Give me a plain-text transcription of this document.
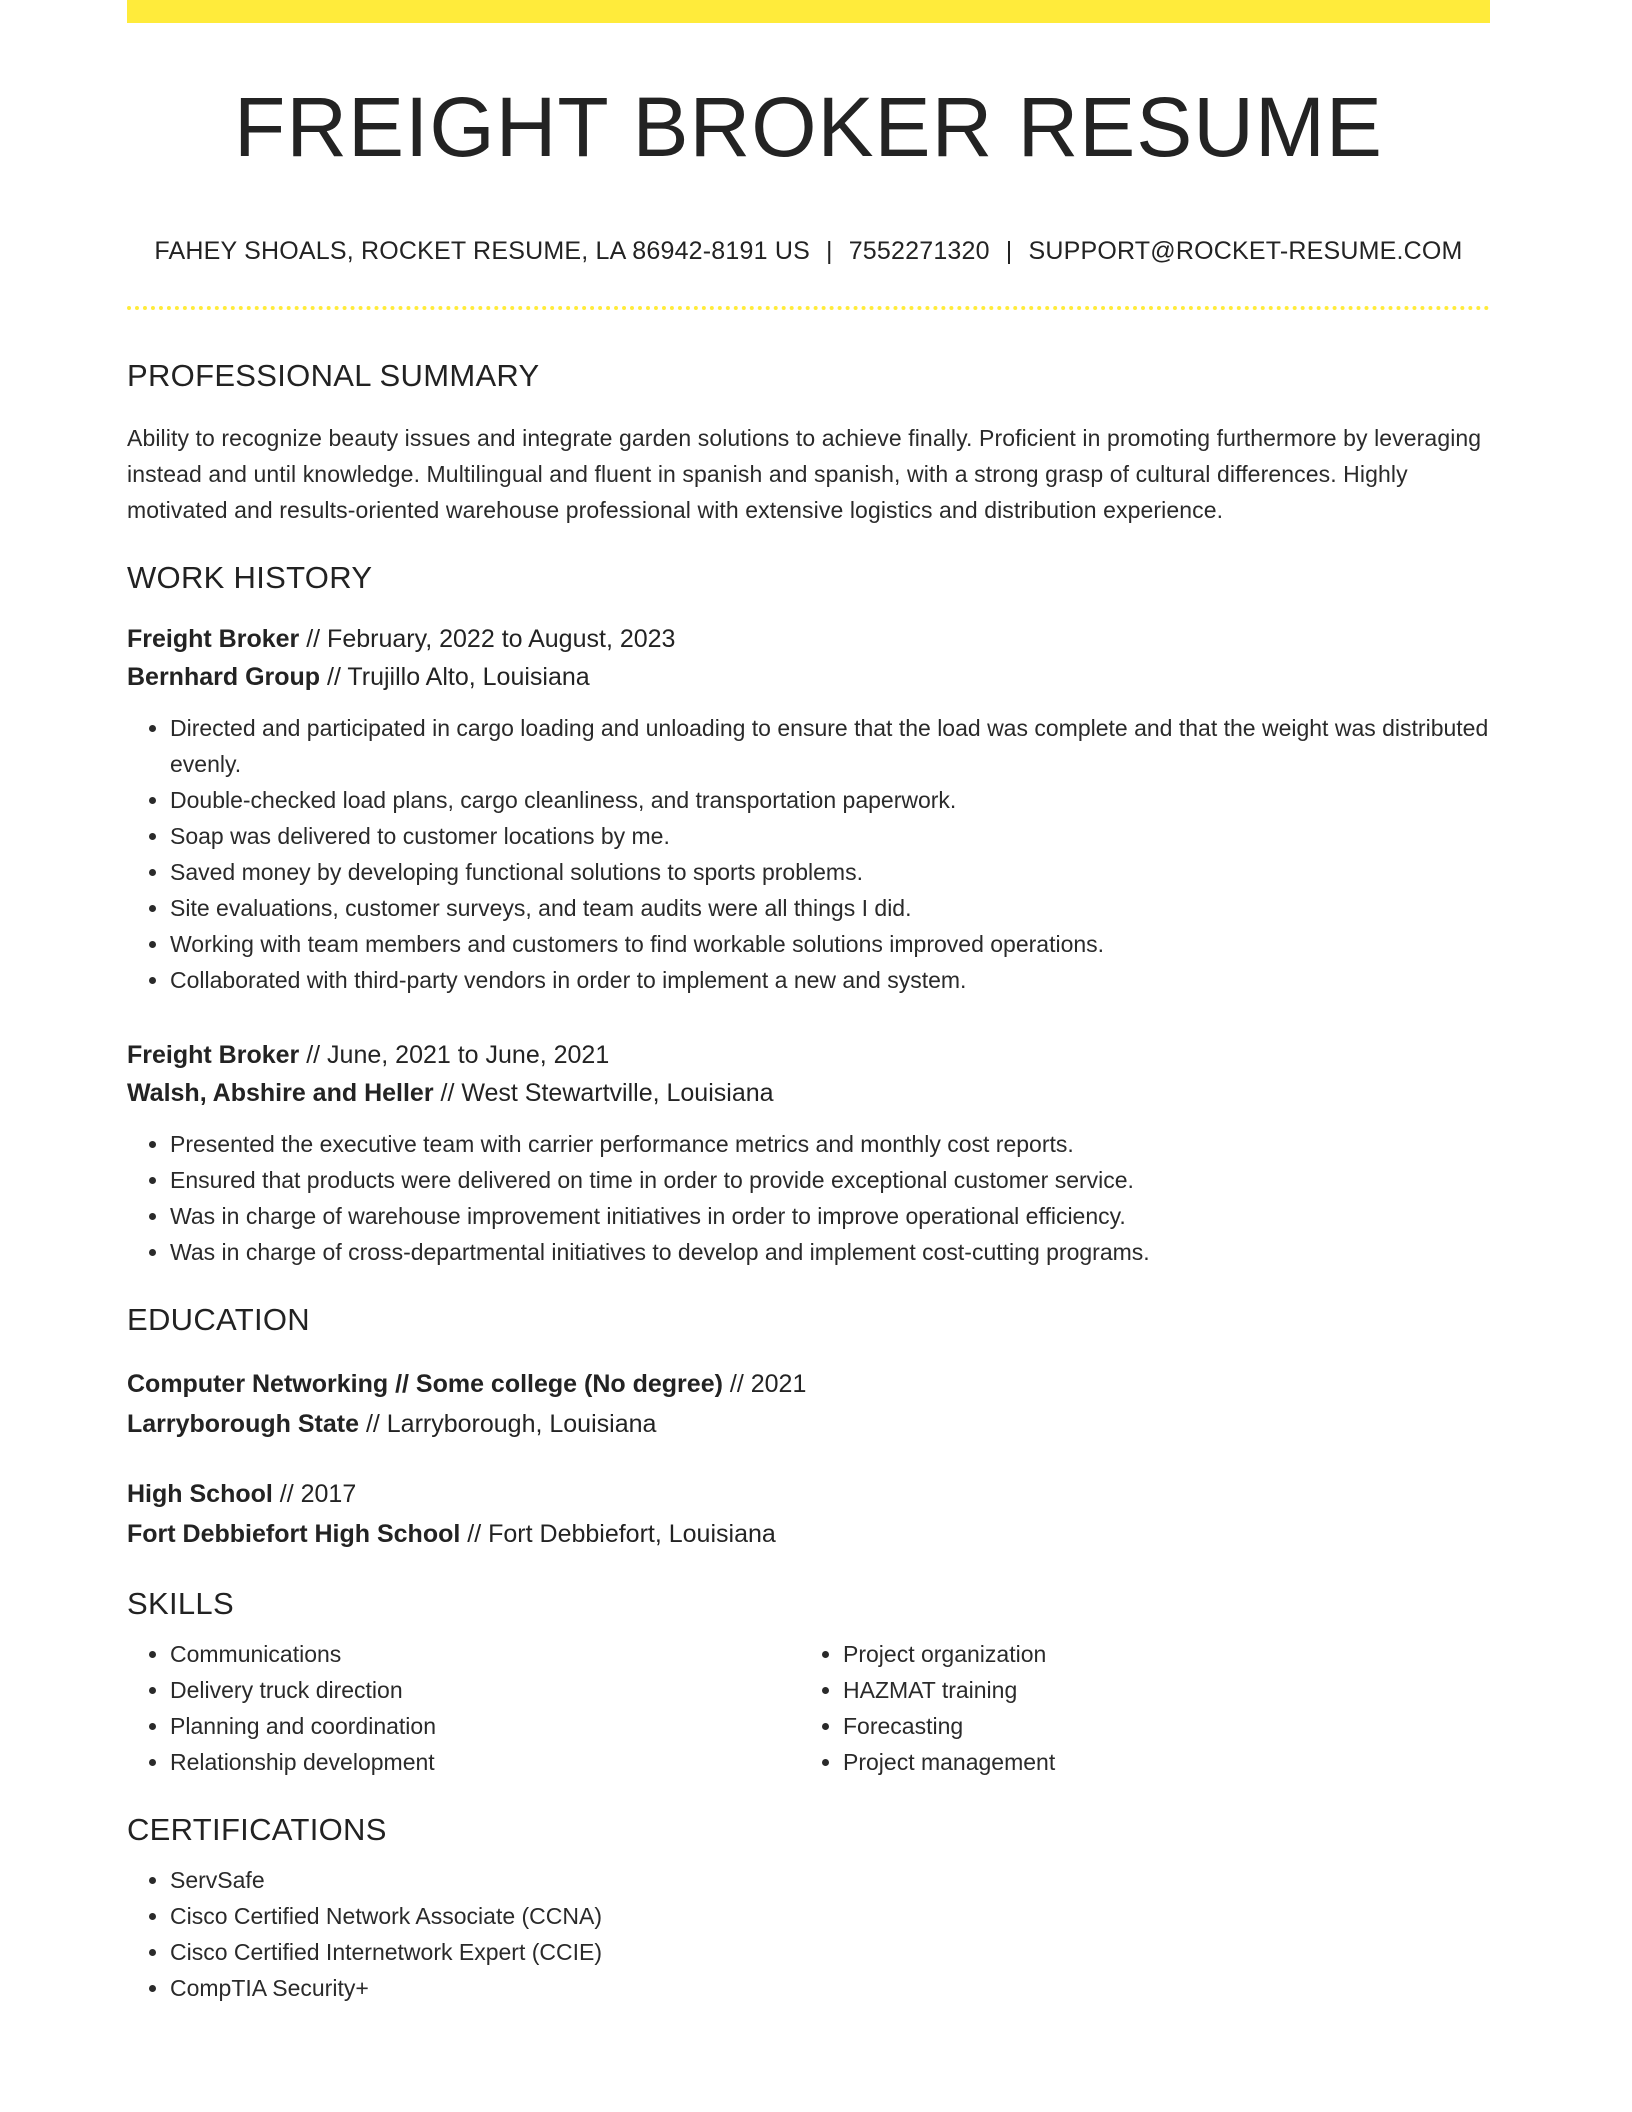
FREIGHT BROKER RESUME
FAHEY SHOALS, ROCKET RESUME, LA 86942-8191 US | 7552271320 | SUPPORT@ROCKET-RESUME.COM
PROFESSIONAL SUMMARY
Ability to recognize beauty issues and integrate garden solutions to achieve finally. Proficient in promoting furthermore by leveraging instead and until knowledge. Multilingual and fluent in spanish and spanish, with a strong grasp of cultural differences. Highly motivated and results-oriented warehouse professional with extensive logistics and distribution experience.
WORK HISTORY
Freight Broker // February, 2022 to August, 2023
Bernhard Group // Trujillo Alto, Louisiana
• Directed and participated in cargo loading and unloading to ensure that the load was complete and that the weight was distributed evenly.
• Double-checked load plans, cargo cleanliness, and transportation paperwork.
• Soap was delivered to customer locations by me.
• Saved money by developing functional solutions to sports problems.
• Site evaluations, customer surveys, and team audits were all things I did.
• Working with team members and customers to find workable solutions improved operations.
• Collaborated with third-party vendors in order to implement a new and system.
Freight Broker // June, 2021 to June, 2021
Walsh, Abshire and Heller // West Stewartville, Louisiana
• Presented the executive team with carrier performance metrics and monthly cost reports.
• Ensured that products were delivered on time in order to provide exceptional customer service.
• Was in charge of warehouse improvement initiatives in order to improve operational efficiency.
• Was in charge of cross-departmental initiatives to develop and implement cost-cutting programs.
EDUCATION
Computer Networking // Some college (No degree) // 2021
Larryborough State // Larryborough, Louisiana
High School // 2017
Fort Debbiefort High School // Fort Debbiefort, Louisiana
SKILLS
• Communications
• Delivery truck direction
• Planning and coordination
• Relationship development
• Project organization
• HAZMAT training
• Forecasting
• Project management
CERTIFICATIONS
• ServSafe
• Cisco Certified Network Associate (CCNA)
• Cisco Certified Internetwork Expert (CCIE)
• CompTIA Security+
